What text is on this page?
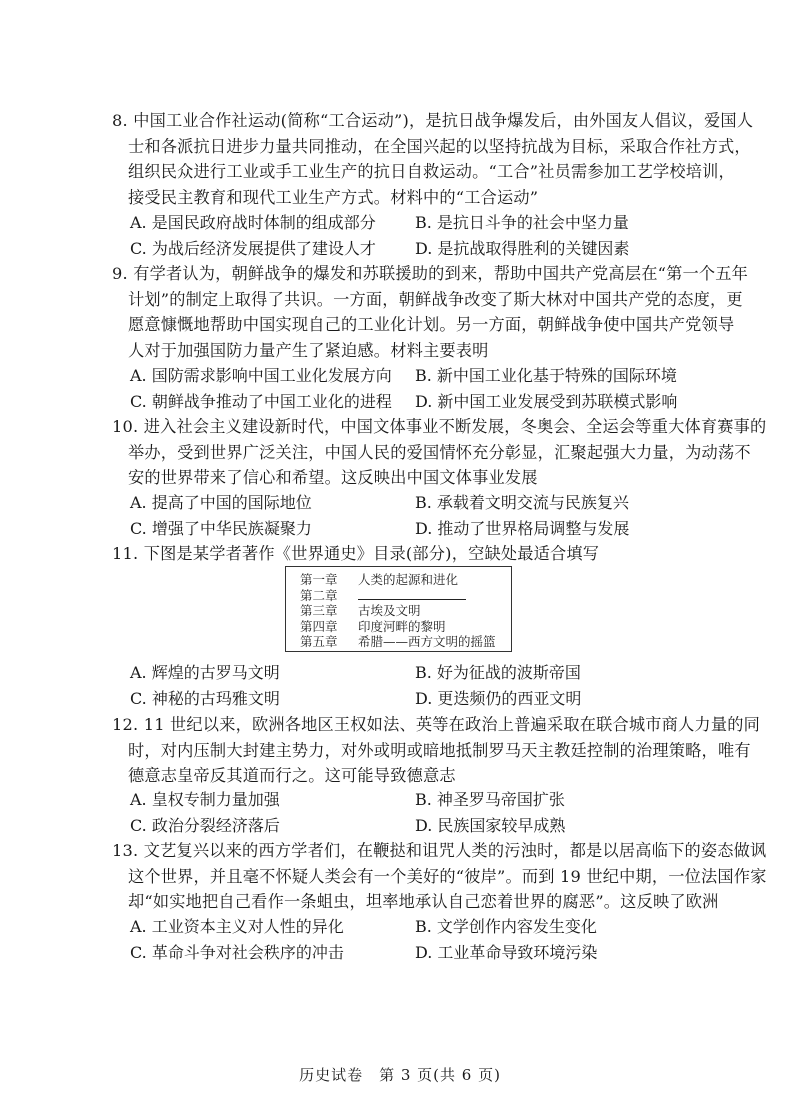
8. 中国工业合作社运动(简称“工合运动”)，是抗日战争爆发后，由外国友人倡议，爱国人
士和各派抗日进步力量共同推动，在全国兴起的以坚持抗战为目标，采取合作社方式，
组织民众进行工业或手工业生产的抗日自救运动。“工合”社员需参加工艺学校培训，
接受民主教育和现代工业生产方式。材料中的“工合运动”
A. 是国民政府战时体制的组成部分	B. 是抗日斗争的社会中坚力量
C. 为战后经济发展提供了建设人才	D. 是抗战取得胜利的关键因素
9. 有学者认为，朝鲜战争的爆发和苏联援助的到来，帮助中国共产党高层在“第一个五年
计划”的制定上取得了共识。一方面，朝鲜战争改变了斯大林对中国共产党的态度，更
愿意慷慨地帮助中国实现自己的工业化计划。另一方面，朝鲜战争使中国共产党领导
人对于加强国防力量产生了紧迫感。材料主要表明
A. 国防需求影响中国工业化发展方向	B. 新中国工业化基于特殊的国际环境
C. 朝鲜战争推动了中国工业化的进程	D. 新中国工业发展受到苏联模式影响
10. 进入社会主义建设新时代，中国文体事业不断发展，冬奥会、全运会等重大体育赛事的
举办，受到世界广泛关注，中国人民的爱国情怀充分彰显，汇聚起强大力量，为动荡不
安的世界带来了信心和希望。这反映出中国文体事业发展
A. 提高了中国的国际地位	B. 承载着文明交流与民族复兴
C. 增强了中华民族凝聚力	D. 推动了世界格局调整与发展
11. 下图是某学者著作《世界通史》目录(部分)，空缺处最适合填写
第一章	人类的起源和进化
第二章
第三章	古埃及文明
第四章	印度河畔的黎明
第五章	希腊——西方文明的摇篮
A. 辉煌的古罗马文明	B. 好为征战的波斯帝国
C. 神秘的古玛雅文明	D. 更迭频仍的西亚文明
12. 11 世纪以来，欧洲各地区王权如法、英等在政治上普遍采取在联合城市商人力量的同
时，对内压制大封建主势力，对外或明或暗地抵制罗马天主教廷控制的治理策略，唯有
德意志皇帝反其道而行之。这可能导致德意志
A. 皇权专制力量加强	B. 神圣罗马帝国扩张
C. 政治分裂经济落后	D. 民族国家较早成熟
13. 文艺复兴以来的西方学者们，在鞭挞和诅咒人类的污浊时，都是以居高临下的姿态做讽
这个世界，并且毫不怀疑人类会有一个美好的“彼岸”。而到 19 世纪中期，一位法国作家
却“如实地把自己看作一条蛆虫，坦率地承认自己恋着世界的腐恶”。这反映了欧洲
A. 工业资本主义对人性的异化	B. 文学创作内容发生变化
C. 革命斗争对社会秩序的冲击	D. 工业革命导致环境污染
历史试卷　第 3 页(共 6 页)
